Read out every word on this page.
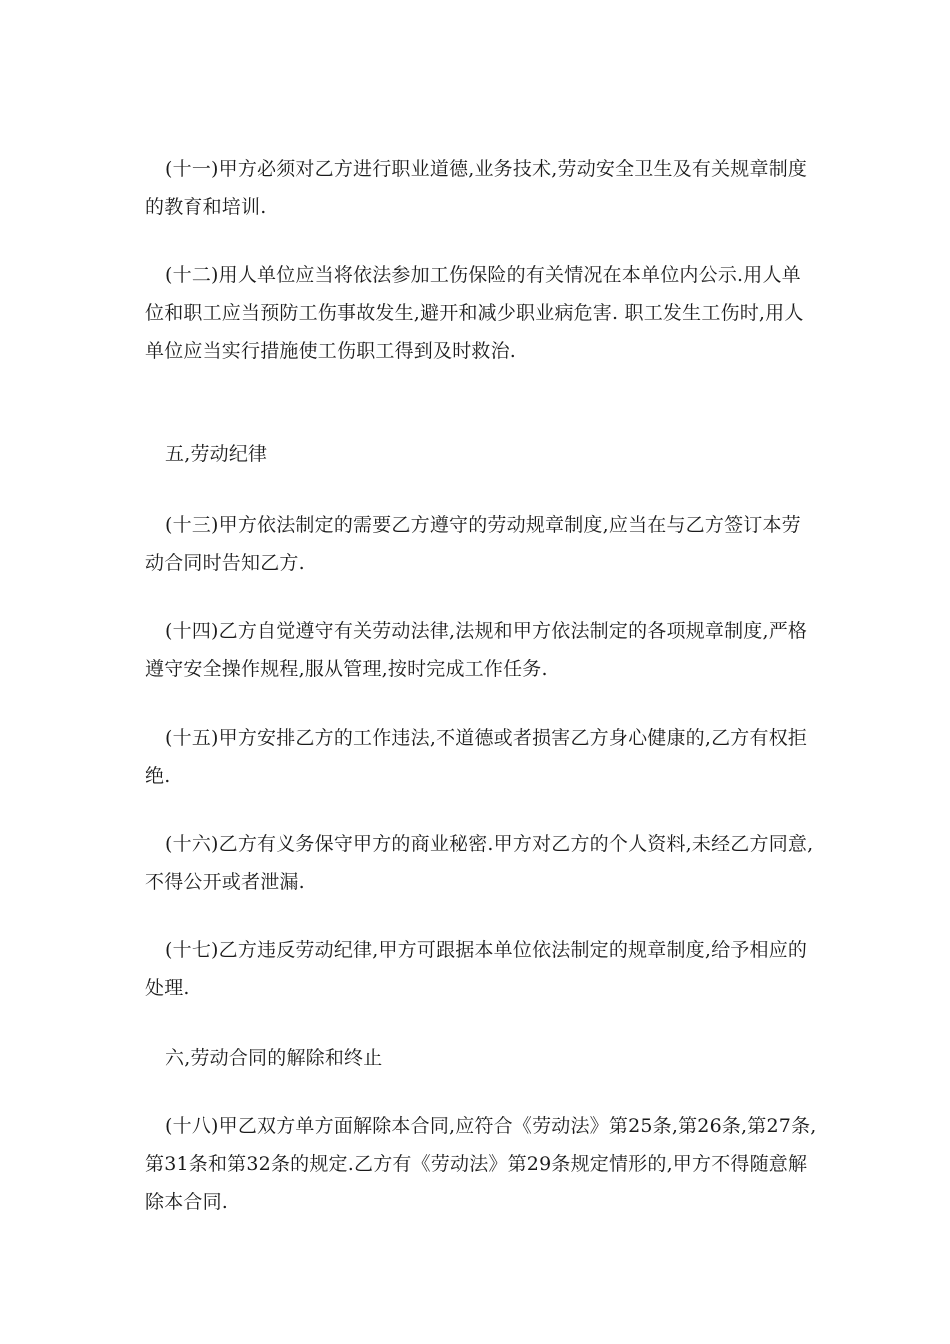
(十一)甲方必须对乙方进行职业道德,业务技术,劳动安全卫生及有关规章制度的教育和培训.

(十二)用人单位应当将依法参加工伤保险的有关情况在本单位内公示.用人单位和职工应当预防工伤事故发生,避开和减少职业病危害. 职工发生工伤时,用人单位应当实行措施使工伤职工得到及时救治.

五,劳动纪律

(十三)甲方依法制定的需要乙方遵守的劳动规章制度,应当在与乙方签订本劳动合同时告知乙方.

(十四)乙方自觉遵守有关劳动法律,法规和甲方依法制定的各项规章制度,严格遵守安全操作规程,服从管理,按时完成工作任务.

(十五)甲方安排乙方的工作违法,不道德或者损害乙方身心健康的,乙方有权拒绝.

(十六)乙方有义务保守甲方的商业秘密.甲方对乙方的个人资料,未经乙方同意,不得公开或者泄漏.

(十七)乙方违反劳动纪律,甲方可跟据本单位依法制定的规章制度,给予相应的处理.

六,劳动合同的解除和终止

(十八)甲乙双方单方面解除本合同,应符合《劳动法》第25条,第26条,第27条,第31条和第32条的规定.乙方有《劳动法》第29条规定情形的,甲方不得随意解除本合同.
